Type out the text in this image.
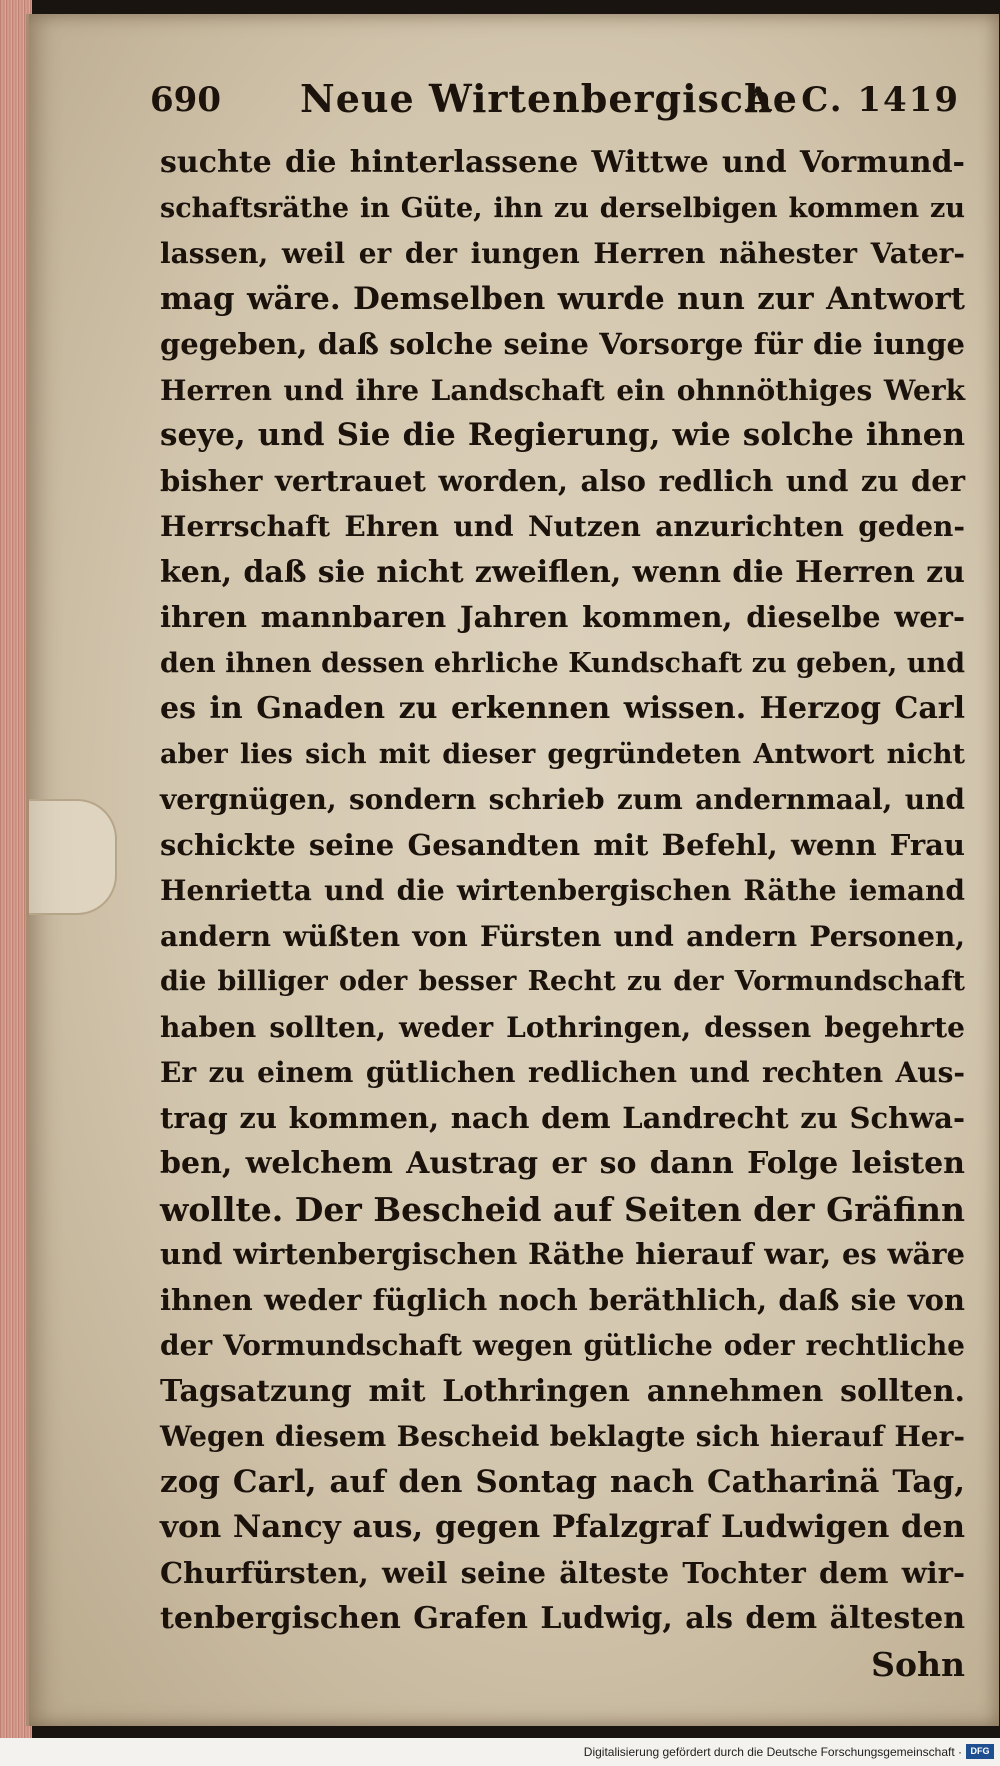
690 Neue Wirtenbergische
A. C. 1419
suchte die hinterlassene Wittwe und Vormund-
schaftsräthe in Güte, ihn zu derselbigen kommen zu
lassen, weil er der iungen Herren nähester Vater-
mag wäre. Demselben wurde nun zur Antwort
gegeben, daß solche seine Vorsorge für die iunge
Herren und ihre Landschaft ein ohnnöthiges Werk
seye, und Sie die Regierung, wie solche ihnen
bisher vertrauet worden, also redlich und zu der
Herrschaft Ehren und Nutzen anzurichten geden-
ken, daß sie nicht zweiflen, wenn die Herren zu
ihren mannbaren Jahren kommen, dieselbe wer-
den ihnen dessen ehrliche Kundschaft zu geben, und
es in Gnaden zu erkennen wissen. Herzog Carl
aber lies sich mit dieser gegründeten Antwort nicht
vergnügen, sondern schrieb zum andernmaal, und
schickte seine Gesandten mit Befehl, wenn Frau
Henrietta und die wirtenbergischen Räthe iemand
andern wüßten von Fürsten und andern Personen,
die billiger oder besser Recht zu der Vormundschaft
haben sollten, weder Lothringen, dessen begehrte
Er zu einem gütlichen redlichen und rechten Aus-
trag zu kommen, nach dem Landrecht zu Schwa-
ben, welchem Austrag er so dann Folge leisten
wollte. Der Bescheid auf Seiten der Gräfinn
und wirtenbergischen Räthe hierauf war, es wäre
ihnen weder füglich noch beräthlich, daß sie von
der Vormundschaft wegen gütliche oder rechtliche
Tagsatzung mit Lothringen annehmen sollten.
Wegen diesem Bescheid beklagte sich hierauf Her-
zog Carl, auf den Sontag nach Catharinä Tag,
von Nancy aus, gegen Pfalzgraf Ludwigen den
Churfürsten, weil seine älteste Tochter dem wir-
tenbergischen Grafen Ludwig, als dem ältesten
Sohn
Digitalisierung gefördert durch die Deutsche Forschungsgemeinschaft · DFG
